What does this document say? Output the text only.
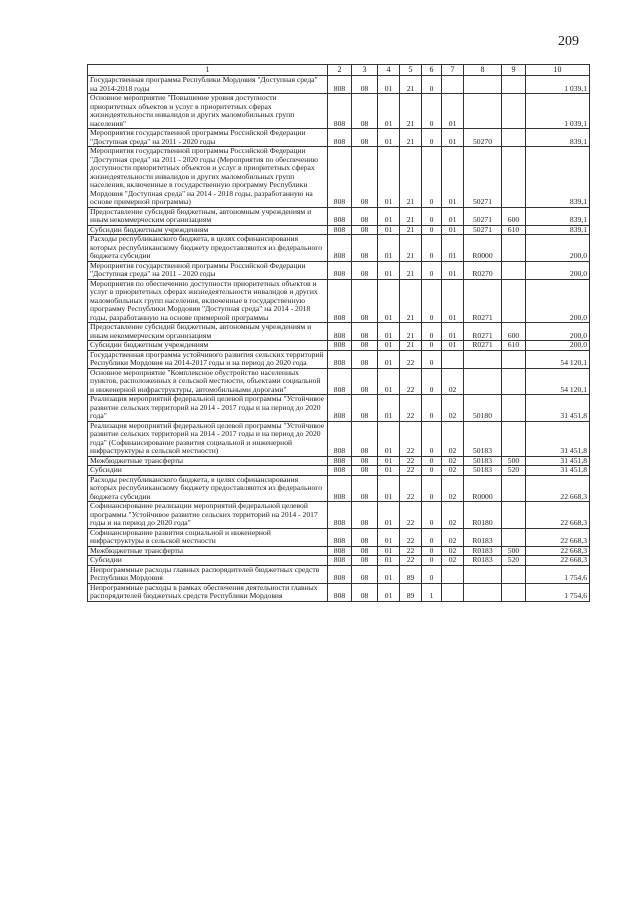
209
1	2	3	4	5	6	7	8	9	10
Государственная программа Республики Мордовия "Доступная среда" на 2014-2018 годы	808	08	01	21	0				1 039,1
Основное мероприятие "Повышение уровня доступности приоритетных объектов и услуг в приоритетных сферах жизнедеятельности инвалидов и других маломобильных групп населения"	808	08	01	21	0	01			1 039,1
Мероприятия государственной программы Российской Федерации "Доступная среда" на 2011 - 2020 годы	808	08	01	21	0	01	50270		839,1
Мероприятия государственной программы Российской Федерации "Доступная среда" на 2011 - 2020 годы (Мероприятия по обеспечению доступности приоритетных объектов и услуг в приоритетных сферах жизнедеятельности инвалидов и других маломобильных групп населения, включенные в государственную программу Республики Мордовия "Доступная среда" на 2014 - 2018 годы, разработанную на основе примерной программы)	808	08	01	21	0	01	50271		839,1
Предоставление субсидий бюджетным, автономным учреждениям и иным некоммерческим организациям	808	08	01	21	0	01	50271	600	839,1
Субсидии бюджетным учреждениям	808	08	01	21	0	01	50271	610	839,1
Расходы республиканского бюджета, в целях софинансирования которых республиканскому бюджету предоставляются из федерального бюджета субсидии	808	08	01	21	0	01	R0000		200,0
Мероприятия государственной программы Российской Федерации "Доступная среда" на 2011 - 2020 годы	808	08	01	21	0	01	R0270		200,0
Мероприятия по обеспечению доступности приоритетных объектов и услуг в приоритетных сферах жизнедеятельности инвалидов и других маломобильных групп населения, включенные в государственную программу Республики Мордовия "Доступная среда" на 2014 - 2018 годы, разработанную на основе примерной программы	808	08	01	21	0	01	R0271		200,0
Предоставление субсидий бюджетным, автономным учреждениям и иным некоммерческим организациям	808	08	01	21	0	01	R0271	600	200,0
Субсидии бюджетным учреждениям	808	08	01	21	0	01	R0271	610	200,0
Государственная программа устойчивого развития сельских территорий Республики Мордовия на 2014-2017 годы и на период до 2020 года	808	08	01	22	0				54 120,1
Основное мероприятие "Комплексное обустройство населенных пунктов, расположенных в сельской местности, объектами социальной и инженерной инфраструктуры, автомобильными дорогами"	808	08	01	22	0	02			54 120,1
Реализация мероприятий федеральной целевой программы "Устойчивое развитие сельских территорий на 2014 - 2017 годы и на период до 2020 года"	808	08	01	22	0	02	50180		31 451,8
Реализация мероприятий федеральной целевой программы "Устойчивое развитие сельских территорий на 2014 - 2017 годы и на период до 2020 года" (Софинансирование развития социальной и инженерной инфраструктуры в сельской местности)	808	08	01	22	0	02	50183		31 451,8
Межбюджетные трансферты	808	08	01	22	0	02	50183	500	31 451,8
Субсидии	808	08	01	22	0	02	50183	520	31 451,8
Расходы республиканского бюджета, в целях софинансирования которых республиканскому бюджету предоставляются из федерального бюджета субсидии	808	08	01	22	0	02	R0000		22 668,3
Софинансирование реализации мероприятий федеральной целевой программы "Устойчивое развитие сельских территорий на 2014 - 2017 годы и на период до 2020 года"	808	08	01	22	0	02	R0180		22 668,3
Софинансирование развития социальной и инженерной инфраструктуры в сельской местности	808	08	01	22	0	02	R0183		22 668,3
Межбюджетные трансферты	808	08	01	22	0	02	R0183	500	22 668,3
Субсидии	808	08	01	22	0	02	R0183	520	22 668,3
Непрограммные расходы главных распорядителей бюджетных средств Республики Мордовия	808	08	01	89	0				1 754,6
Непрограммные расходы в рамках обеспечения деятельности главных распорядителей бюджетных средств Республики Мордовия	808	08	01	89	1				1 754,6
